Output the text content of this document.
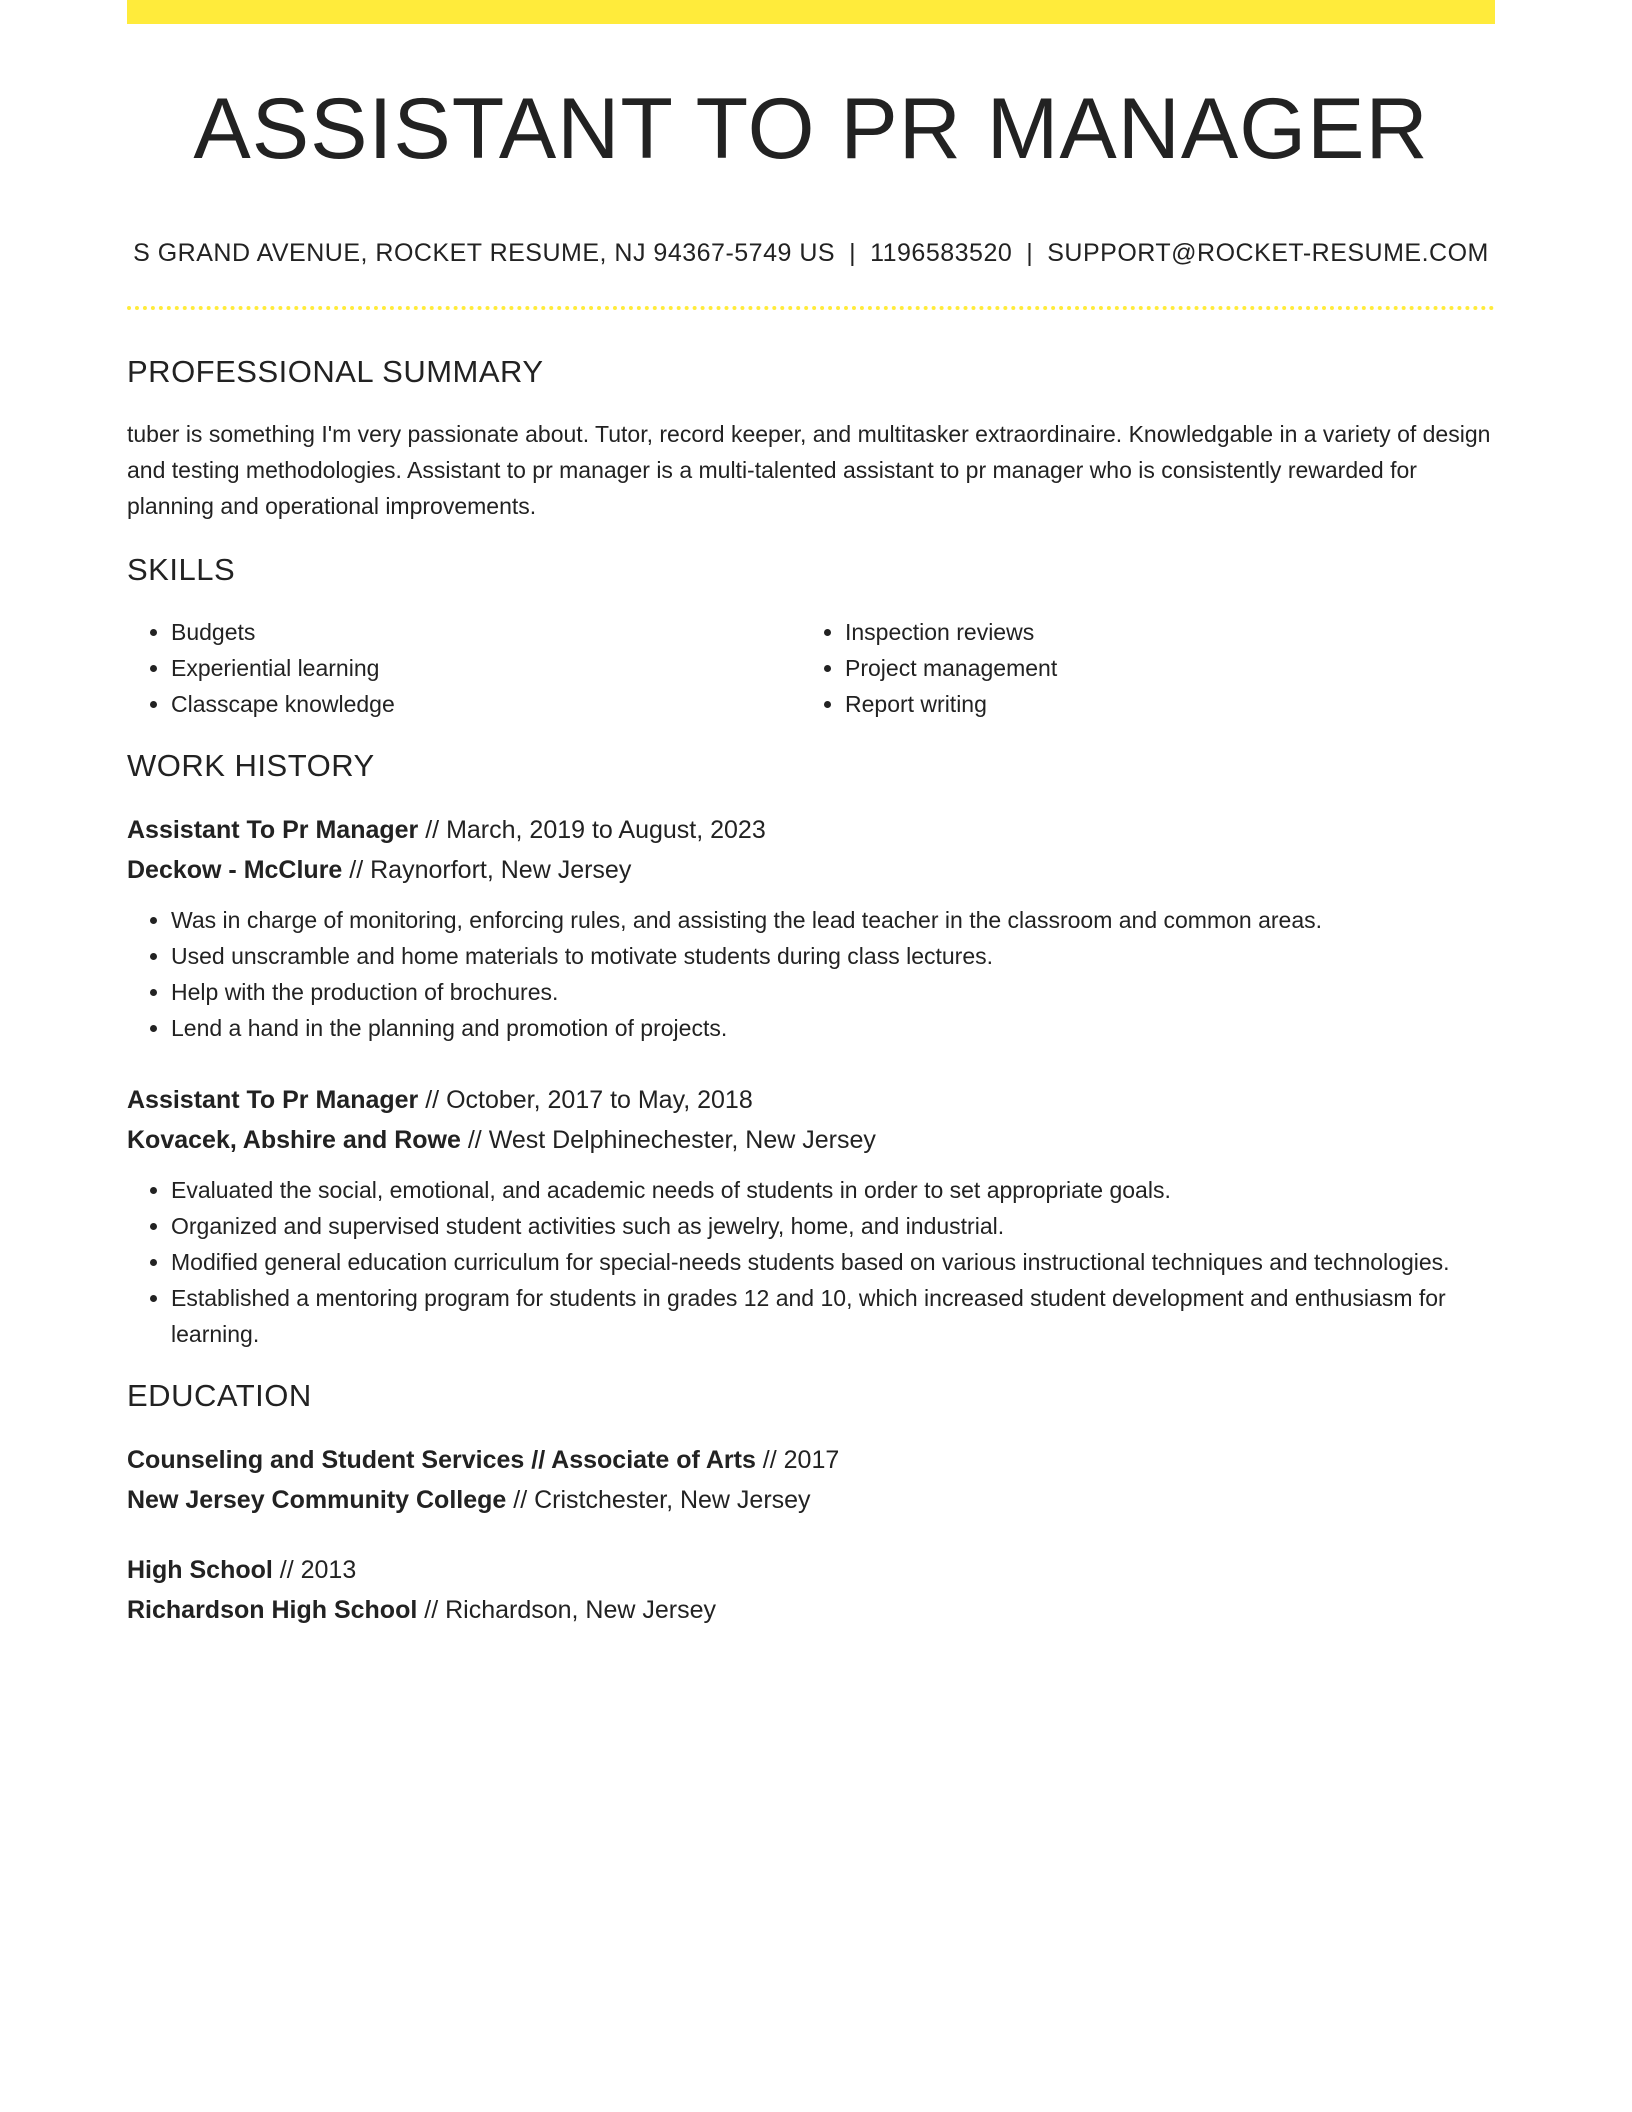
ASSISTANT TO PR MANAGER
S GRAND AVENUE, ROCKET RESUME, NJ 94367-5749 US | 1196583520 | SUPPORT@ROCKET-RESUME.COM
PROFESSIONAL SUMMARY
tuber is something I'm very passionate about. Tutor, record keeper, and multitasker extraordinaire. Knowledgable in a variety of design and testing methodologies. Assistant to pr manager is a multi-talented assistant to pr manager who is consistently rewarded for planning and operational improvements.
SKILLS
• Budgets
• Experiential learning
• Classcape knowledge
• Inspection reviews
• Project management
• Report writing
WORK HISTORY
Assistant To Pr Manager // March, 2019 to August, 2023
Deckow - McClure // Raynorfort, New Jersey
• Was in charge of monitoring, enforcing rules, and assisting the lead teacher in the classroom and common areas.
• Used unscramble and home materials to motivate students during class lectures.
• Help with the production of brochures.
• Lend a hand in the planning and promotion of projects.
Assistant To Pr Manager // October, 2017 to May, 2018
Kovacek, Abshire and Rowe // West Delphinechester, New Jersey
• Evaluated the social, emotional, and academic needs of students in order to set appropriate goals.
• Organized and supervised student activities such as jewelry, home, and industrial.
• Modified general education curriculum for special-needs students based on various instructional techniques and technologies.
• Established a mentoring program for students in grades 12 and 10, which increased student development and enthusiasm for learning.
EDUCATION
Counseling and Student Services // Associate of Arts // 2017
New Jersey Community College // Cristchester, New Jersey
High School // 2013
Richardson High School // Richardson, New Jersey
